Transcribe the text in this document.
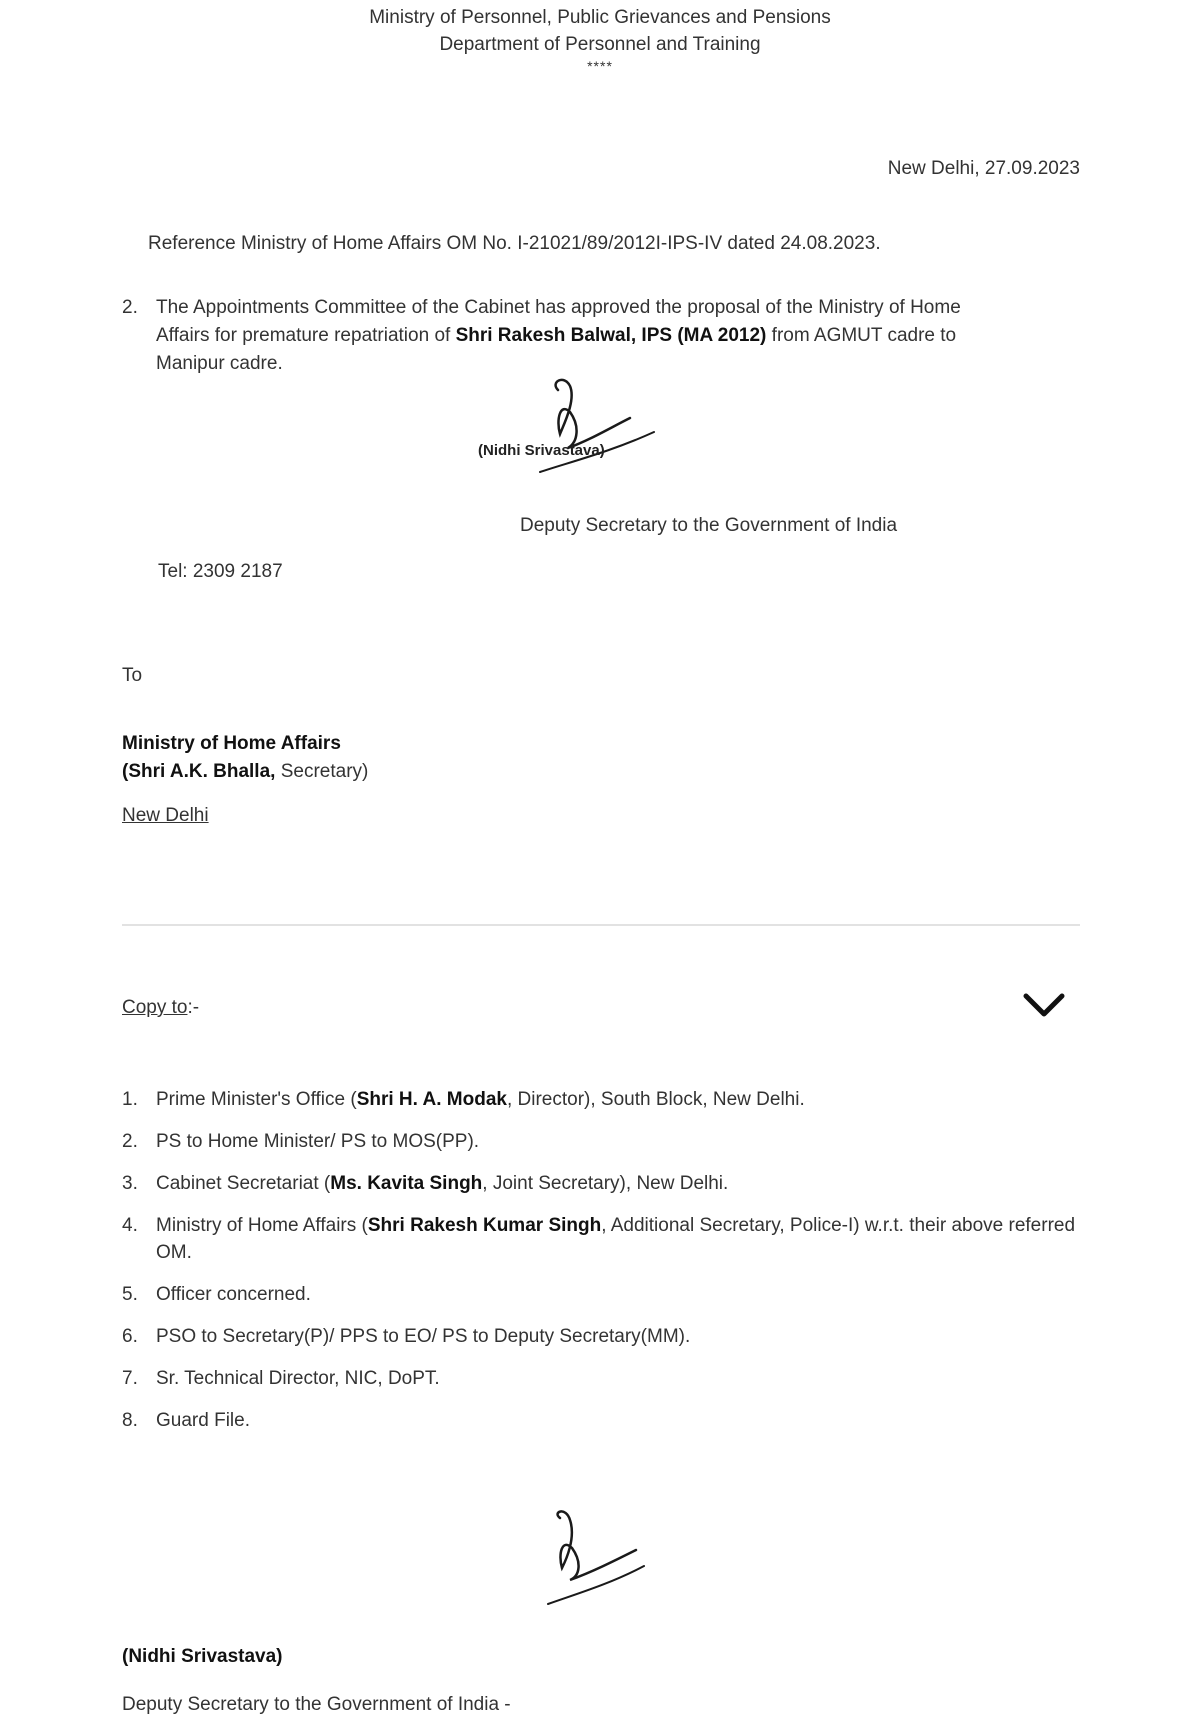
Ministry of Personnel, Public Grievances and Pensions
Department of Personnel and Training
****
New Delhi, 27.09.2023
Reference Ministry of Home Affairs OM No. I-21021/89/2012I-IPS-IV dated 24.08.2023.
2. The Appointments Committee of the Cabinet has approved the proposal of the Ministry of Home Affairs for premature repatriation of Shri Rakesh Balwal, IPS (MA 2012) from AGMUT cadre to Manipur cadre.
(Nidhi Srivastava)
Deputy Secretary to the Government of India
Tel: 2309 2187
To
Ministry of Home Affairs
(Shri A.K. Bhalla, Secretary)
New Delhi
Copy to:-
1. Prime Minister's Office (Shri H. A. Modak, Director), South Block, New Delhi.
2. PS to Home Minister/ PS to MOS(PP).
3. Cabinet Secretariat (Ms. Kavita Singh, Joint Secretary), New Delhi.
4. Ministry of Home Affairs (Shri Rakesh Kumar Singh, Additional Secretary, Police-I) w.r.t. their above referred OM.
5. Officer concerned.
6. PSO to Secretary(P)/ PPS to EO/ PS to Deputy Secretary(MM).
7. Sr. Technical Director, NIC, DoPT.
8. Guard File.
(Nidhi Srivastava)
Deputy Secretary to the Government of India -
